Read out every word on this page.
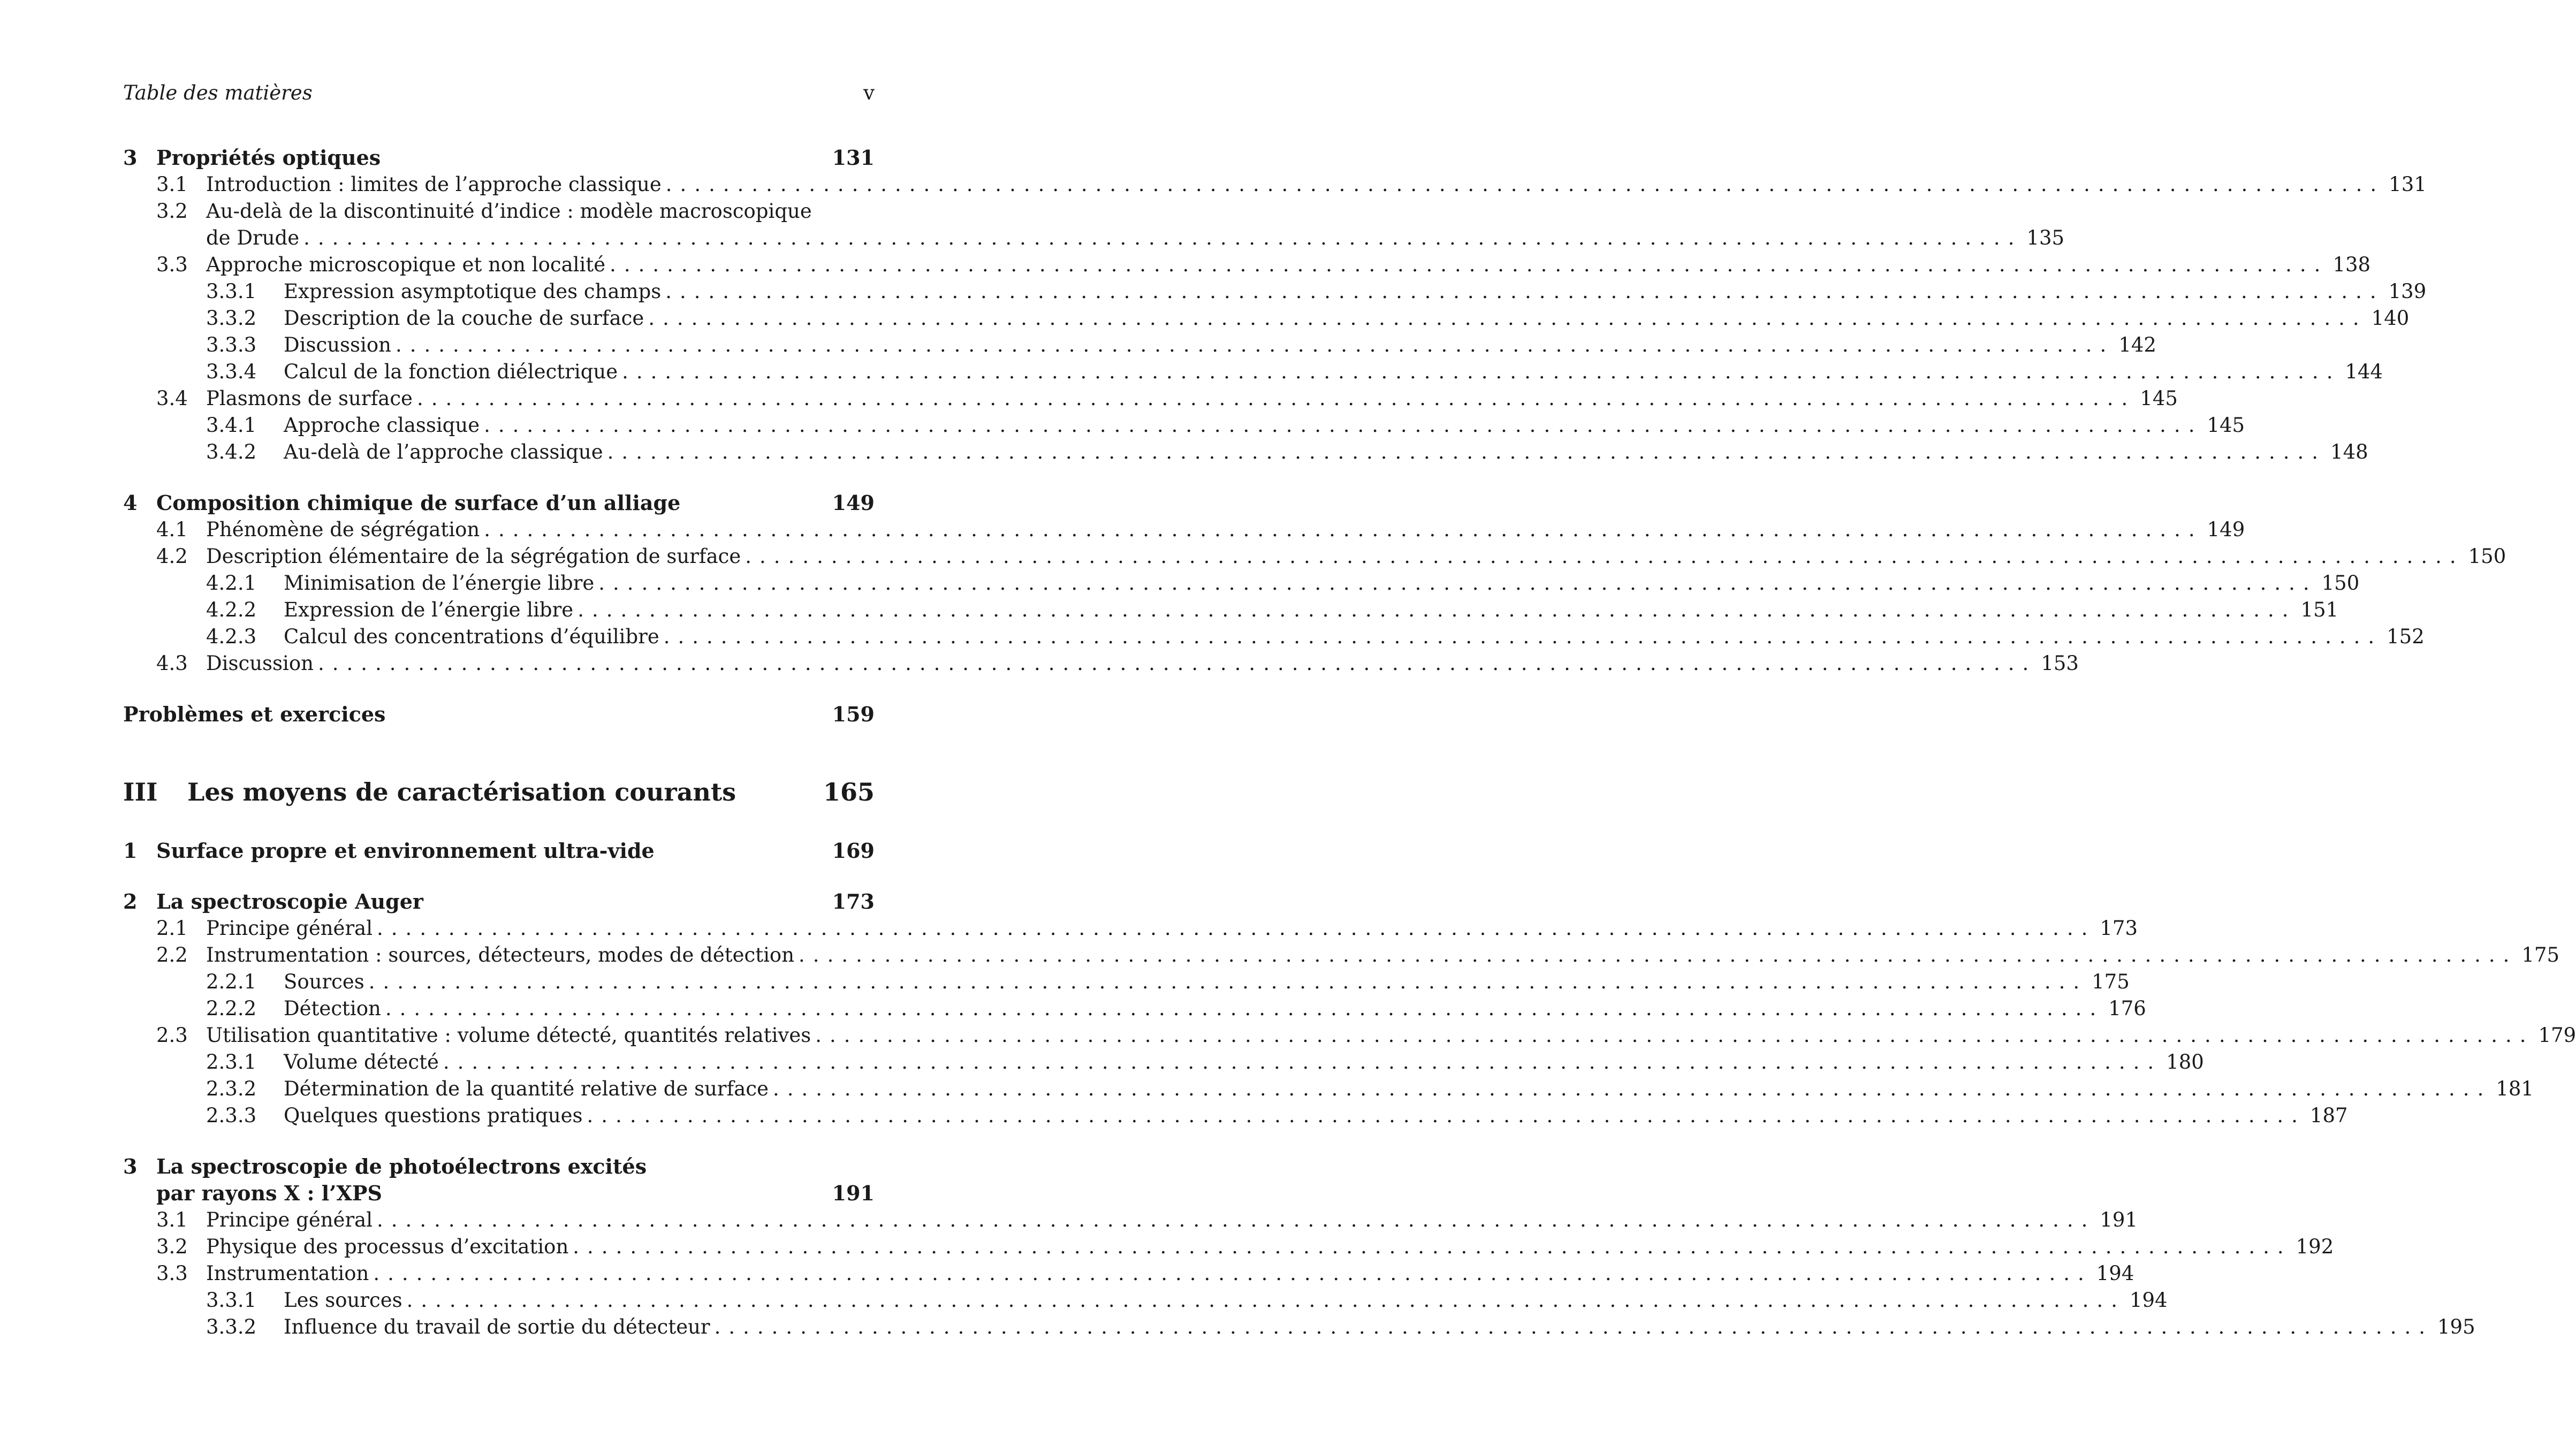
Table des matières	v
3 Propriétés optiques	131
3.1 Introduction : limites de l’approche classique ........................................................................................................................ 131
3.2 Au-delà de la discontinuité d’indice : modèle macroscopique
de Drude ........................................................................................................................ 135
3.3 Approche microscopique et non localité ........................................................................................................................ 138
3.3.1 Expression asymptotique des champs ........................................................................................................................ 139
3.3.2 Description de la couche de surface ........................................................................................................................ 140
3.3.3 Discussion ........................................................................................................................ 142
3.3.4 Calcul de la fonction diélectrique ........................................................................................................................ 144
3.4 Plasmons de surface ........................................................................................................................ 145
3.4.1 Approche classique ........................................................................................................................ 145
3.4.2 Au-delà de l’approche classique ........................................................................................................................ 148
4 Composition chimique de surface d’un alliage	149
4.1 Phénomène de ségrégation ........................................................................................................................ 149
4.2 Description élémentaire de la ségrégation de surface ........................................................................................................................ 150
4.2.1 Minimisation de l’énergie libre ........................................................................................................................ 150
4.2.2 Expression de l’énergie libre ........................................................................................................................ 151
4.2.3 Calcul des concentrations d’équilibre ........................................................................................................................ 152
4.3 Discussion ........................................................................................................................ 153
Problèmes et exercices	159
III Les moyens de caractérisation courants	165
1 Surface propre et environnement ultra-vide	169
2 La spectroscopie Auger	173
2.1 Principe général ........................................................................................................................ 173
2.2 Instrumentation : sources, détecteurs, modes de détection ........................................................................................................................ 175
2.2.1 Sources ........................................................................................................................ 175
2.2.2 Détection ........................................................................................................................ 176
2.3 Utilisation quantitative : volume détecté, quantités relatives ........................................................................................................................ 179
2.3.1 Volume détecté ........................................................................................................................ 180
2.3.2 Détermination de la quantité relative de surface ........................................................................................................................ 181
2.3.3 Quelques questions pratiques ........................................................................................................................ 187
3 La spectroscopie de photoélectrons excités
par rayons X : l’XPS	191
3.1 Principe général ........................................................................................................................ 191
3.2 Physique des processus d’excitation ........................................................................................................................ 192
3.3 Instrumentation ........................................................................................................................ 194
3.3.1 Les sources ........................................................................................................................ 194
3.3.2 Influence du travail de sortie du détecteur ........................................................................................................................ 195
